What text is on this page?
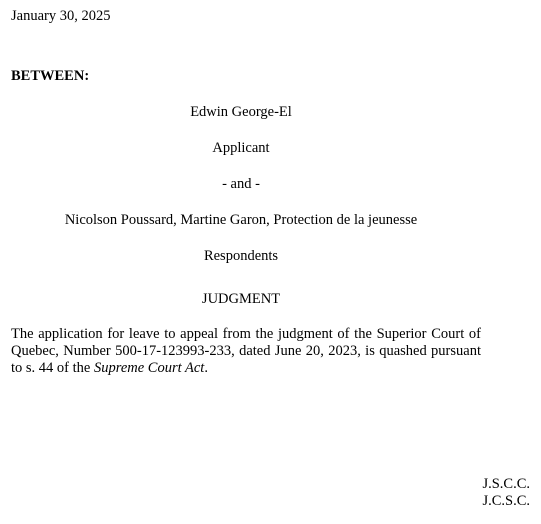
January 30, 2025
BETWEEN:
Edwin George-El
Applicant
- and -
Nicolson Poussard, Martine Garon, Protection de la jeunesse
Respondents
JUDGMENT
The application for leave to appeal from the judgment of the Superior Court of Quebec, Number 500-17-123993-233, dated June 20, 2023, is quashed pursuant to s. 44 of the Supreme Court Act.
J.S.C.C.
J.C.S.C.
